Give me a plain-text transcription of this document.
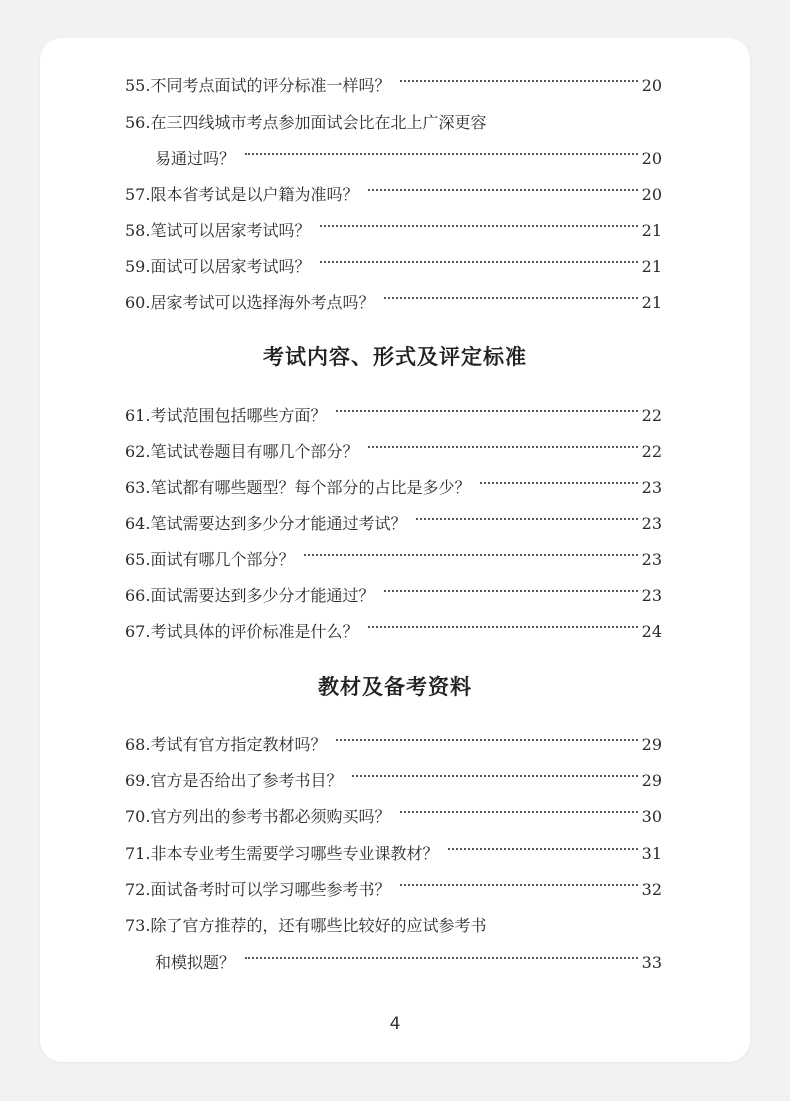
55. 不同考点面试的评分标准一样吗？	20
56. 在三四线城市考点参加面试会比在北上广深更容
易通过吗？	20
57. 限本省考试是以户籍为准吗？	20
58. 笔试可以居家考试吗？	21
59. 面试可以居家考试吗？	21
60. 居家考试可以选择海外考点吗？	21
考试内容、形式及评定标准
61. 考试范围包括哪些方面？	22
62. 笔试试卷题目有哪几个部分？	22
63. 笔试都有哪些题型？每个部分的占比是多少？	23
64. 笔试需要达到多少分才能通过考试？	23
65. 面试有哪几个部分？	23
66. 面试需要达到多少分才能通过？	23
67. 考试具体的评价标准是什么？	24
教材及备考资料
68. 考试有官方指定教材吗？	29
69. 官方是否给出了参考书目？	29
70. 官方列出的参考书都必须购买吗？	30
71. 非本专业考生需要学习哪些专业课教材？	31
72. 面试备考时可以学习哪些参考书？	32
73. 除了官方推荐的，还有哪些比较好的应试参考书
和模拟题？	33
4
